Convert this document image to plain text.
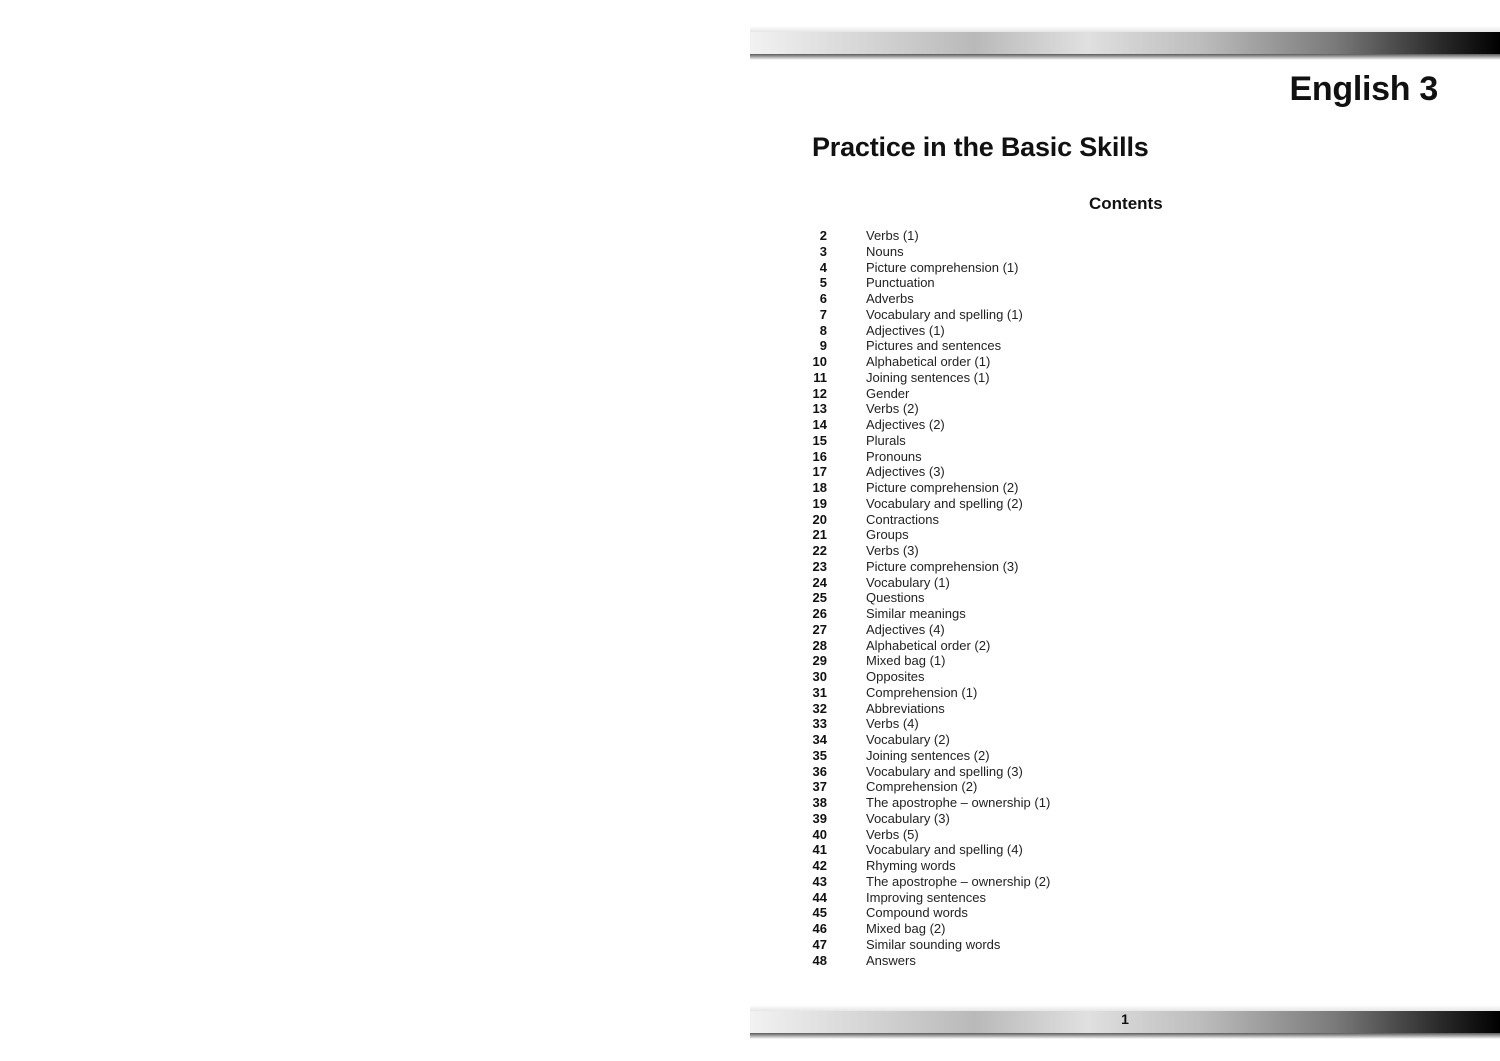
English 3
Practice in the Basic Skills
Contents
2	Verbs (1)
3	Nouns
4	Picture comprehension (1)
5	Punctuation
6	Adverbs
7	Vocabulary and spelling (1)
8	Adjectives (1)
9	Pictures and sentences
10	Alphabetical order (1)
11	Joining sentences (1)
12	Gender
13	Verbs (2)
14	Adjectives (2)
15	Plurals
16	Pronouns
17	Adjectives (3)
18	Picture comprehension (2)
19	Vocabulary and spelling (2)
20	Contractions
21	Groups
22	Verbs (3)
23	Picture comprehension (3)
24	Vocabulary (1)
25	Questions
26	Similar meanings
27	Adjectives (4)
28	Alphabetical order (2)
29	Mixed bag (1)
30	Opposites
31	Comprehension (1)
32	Abbreviations
33	Verbs (4)
34	Vocabulary (2)
35	Joining sentences (2)
36	Vocabulary and spelling (3)
37	Comprehension (2)
38	The apostrophe – ownership (1)
39	Vocabulary (3)
40	Verbs (5)
41	Vocabulary and spelling (4)
42	Rhyming words
43	The apostrophe – ownership (2)
44	Improving sentences
45	Compound words
46	Mixed bag (2)
47	Similar sounding words
48	Answers

1
